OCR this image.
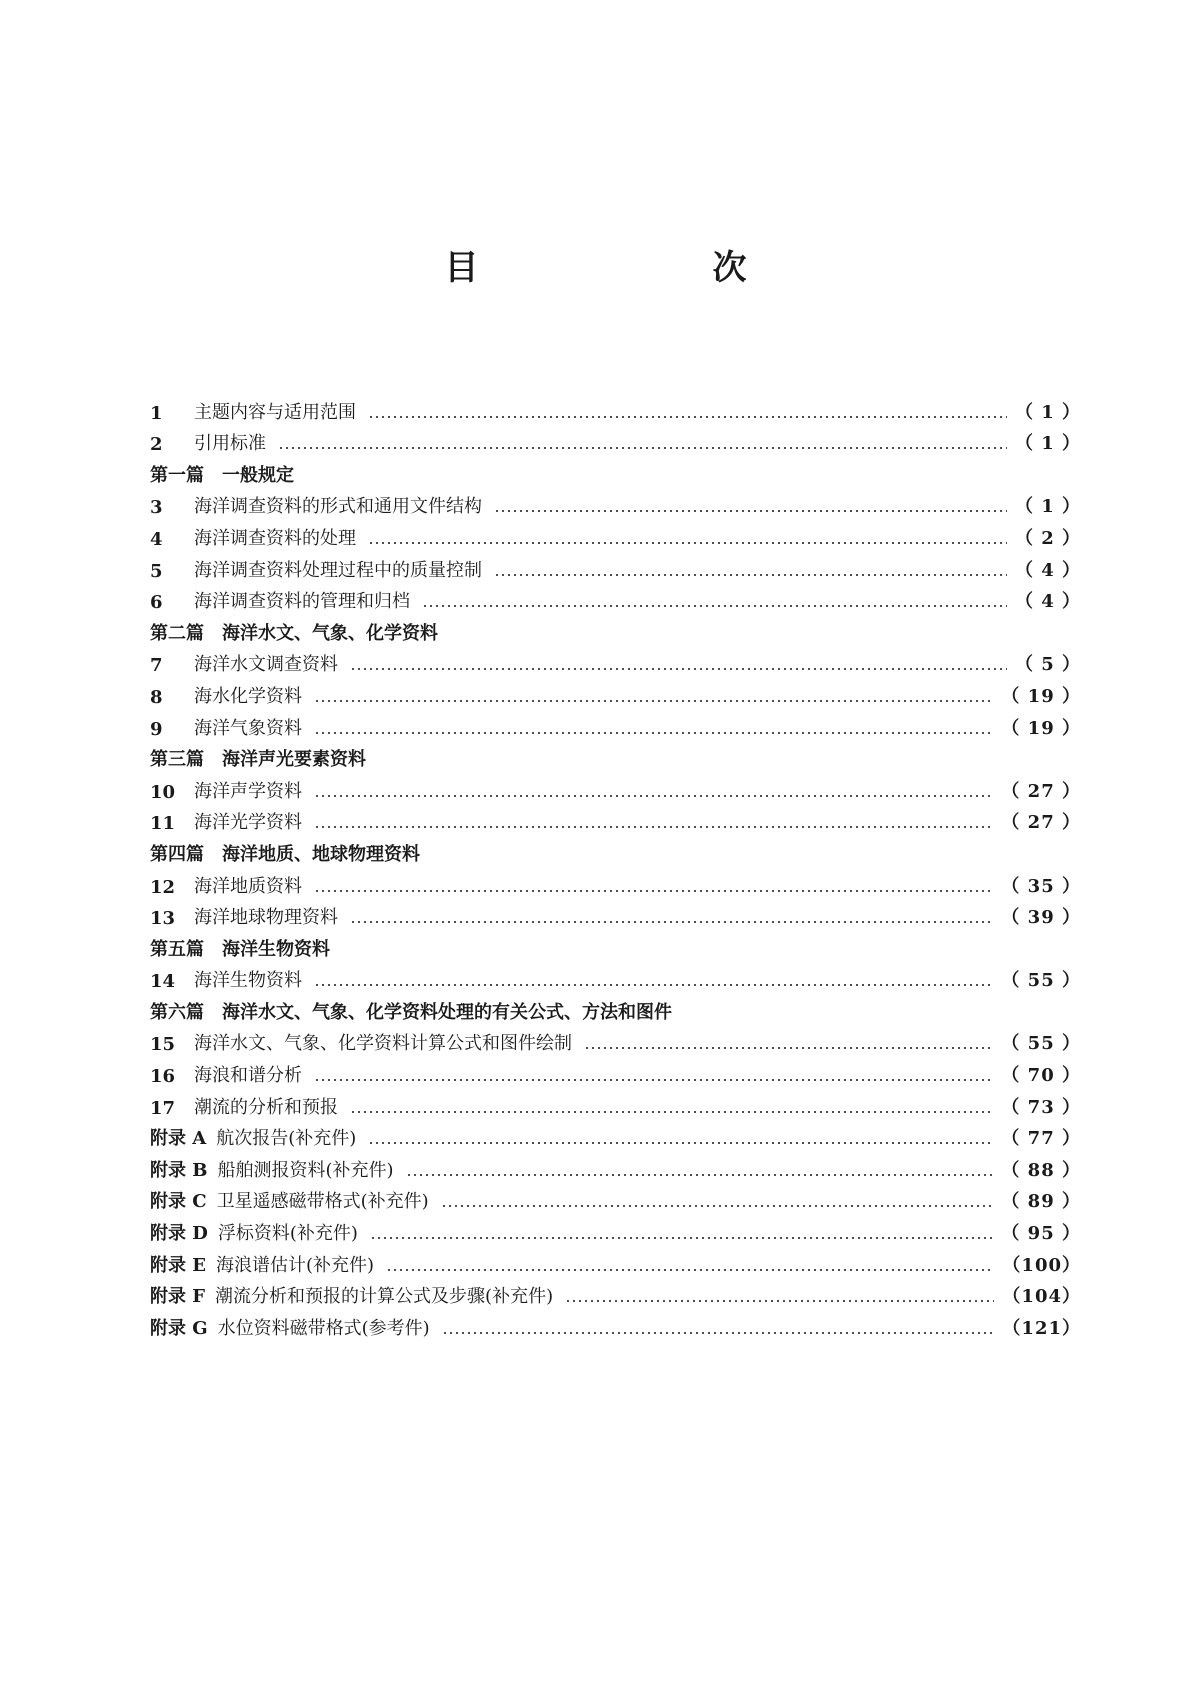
目　次
1	主题内容与适用范围	（ 1 ）
2	引用标准	（ 1 ）
第一篇　一般规定
3	海洋调查资料的形式和通用文件结构	（ 1 ）
4	海洋调查资料的处理	（ 2 ）
5	海洋调查资料处理过程中的质量控制	（ 4 ）
6	海洋调查资料的管理和归档	（ 4 ）
第二篇　海洋水文、气象、化学资料
7	海洋水文调查资料	（ 5 ）
8	海水化学资料	（ 19 ）
9	海洋气象资料	（ 19 ）
第三篇　海洋声光要素资料
10	海洋声学资料	（ 27 ）
11	海洋光学资料	（ 27 ）
第四篇　海洋地质、地球物理资料
12	海洋地质资料	（ 35 ）
13	海洋地球物理资料	（ 39 ）
第五篇　海洋生物资料
14	海洋生物资料	（ 55 ）
第六篇　海洋水文、气象、化学资料处理的有关公式、方法和图件
15	海洋水文、气象、化学资料计算公式和图件绘制	（ 55 ）
16	海浪和谱分析	（ 70 ）
17	潮流的分析和预报	（ 73 ）
附录 A 航次报告(补充件)	（ 77 ）
附录 B 船舶测报资料(补充件)	（ 88 ）
附录 C 卫星遥感磁带格式(补充件)	（ 89 ）
附录 D 浮标资料(补充件)	（ 95 ）
附录 E 海浪谱估计(补充件)	（100）
附录 F 潮流分析和预报的计算公式及步骤(补充件)	（104）
附录 G 水位资料磁带格式(参考件)	（121）
